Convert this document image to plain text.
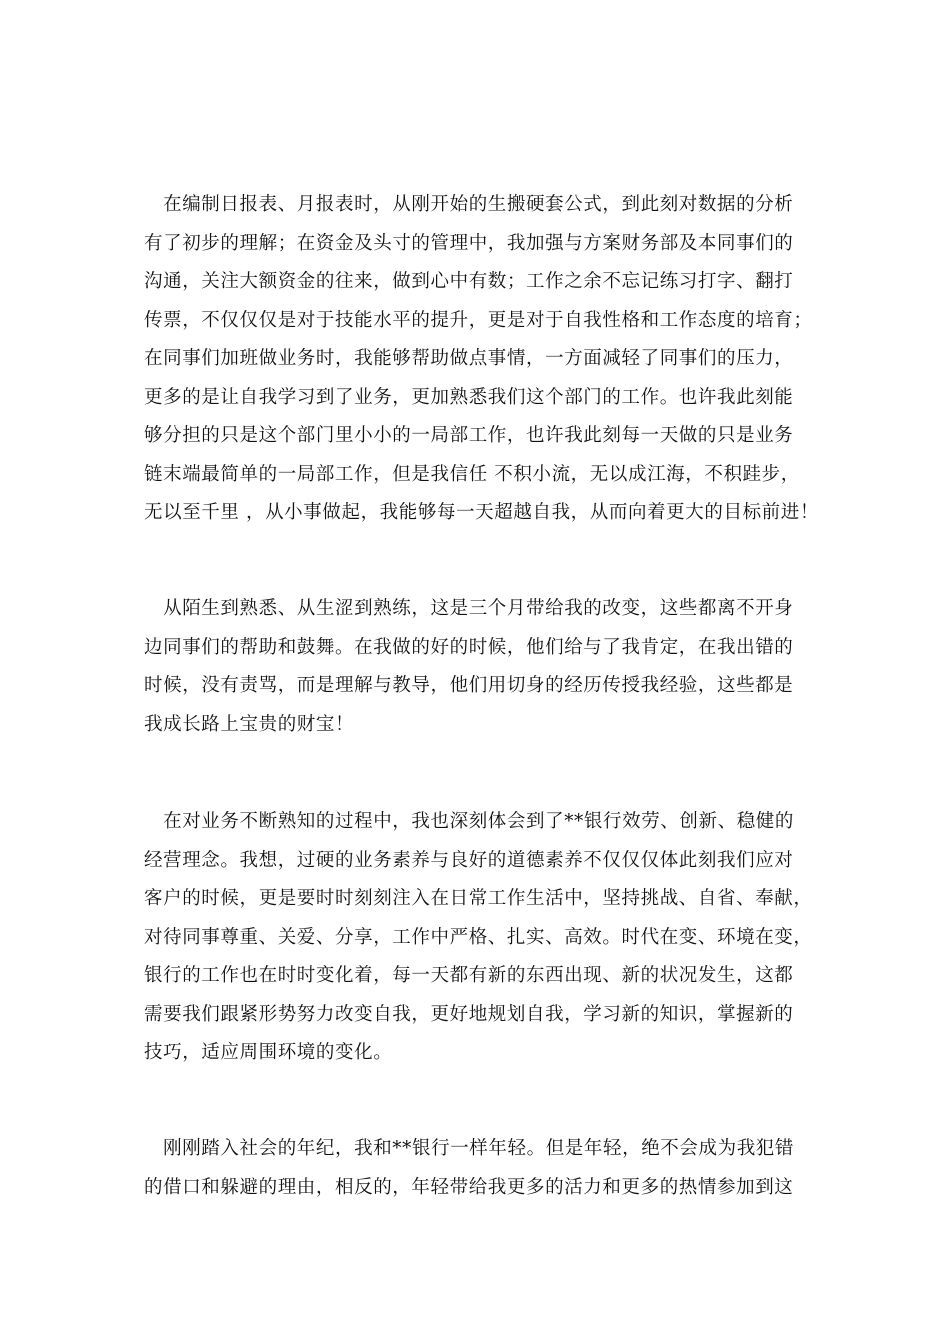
　在编制日报表、月报表时，从刚开始的生搬硬套公式，到此刻对数据的分析
有了初步的理解；在资金及头寸的管理中，我加强与方案财务部及本同事们的
沟通，关注大额资金的往来，做到心中有数；工作之余不忘记练习打字、翻打
传票，不仅仅仅是对于技能水平的提升，更是对于自我性格和工作态度的培育；
在同事们加班做业务时，我能够帮助做点事情，一方面减轻了同事们的压力，
更多的是让自我学习到了业务，更加熟悉我们这个部门的工作。也许我此刻能
够分担的只是这个部门里小小的一局部工作，也许我此刻每一天做的只是业务
链末端最简单的一局部工作，但是我信任 不积小流，无以成江海，不积跬步，
无以至千里 ，从小事做起，我能够每一天超越自我，从而向着更大的目标前进！
　从陌生到熟悉、从生涩到熟练，这是三个月带给我的改变，这些都离不开身
边同事们的帮助和鼓舞。在我做的好的时候，他们给与了我肯定，在我出错的
时候，没有责骂，而是理解与教导，他们用切身的经历传授我经验，这些都是
我成长路上宝贵的财宝！
　在对业务不断熟知的过程中，我也深刻体会到了**银行效劳、创新、稳健的
经营理念。我想，过硬的业务素养与良好的道德素养不仅仅仅体此刻我们应对
客户的时候，更是要时时刻刻注入在日常工作生活中，坚持挑战、自省、奉献，
对待同事尊重、关爱、分享，工作中严格、扎实、高效。时代在变、环境在变，
银行的工作也在时时变化着，每一天都有新的东西出现、新的状况发生，这都
需要我们跟紧形势努力改变自我，更好地规划自我，学习新的知识，掌握新的
技巧，适应周围环境的变化。
　刚刚踏入社会的年纪，我和**银行一样年轻。但是年轻，绝不会成为我犯错
的借口和躲避的理由，相反的，年轻带给我更多的活力和更多的热情参加到这
